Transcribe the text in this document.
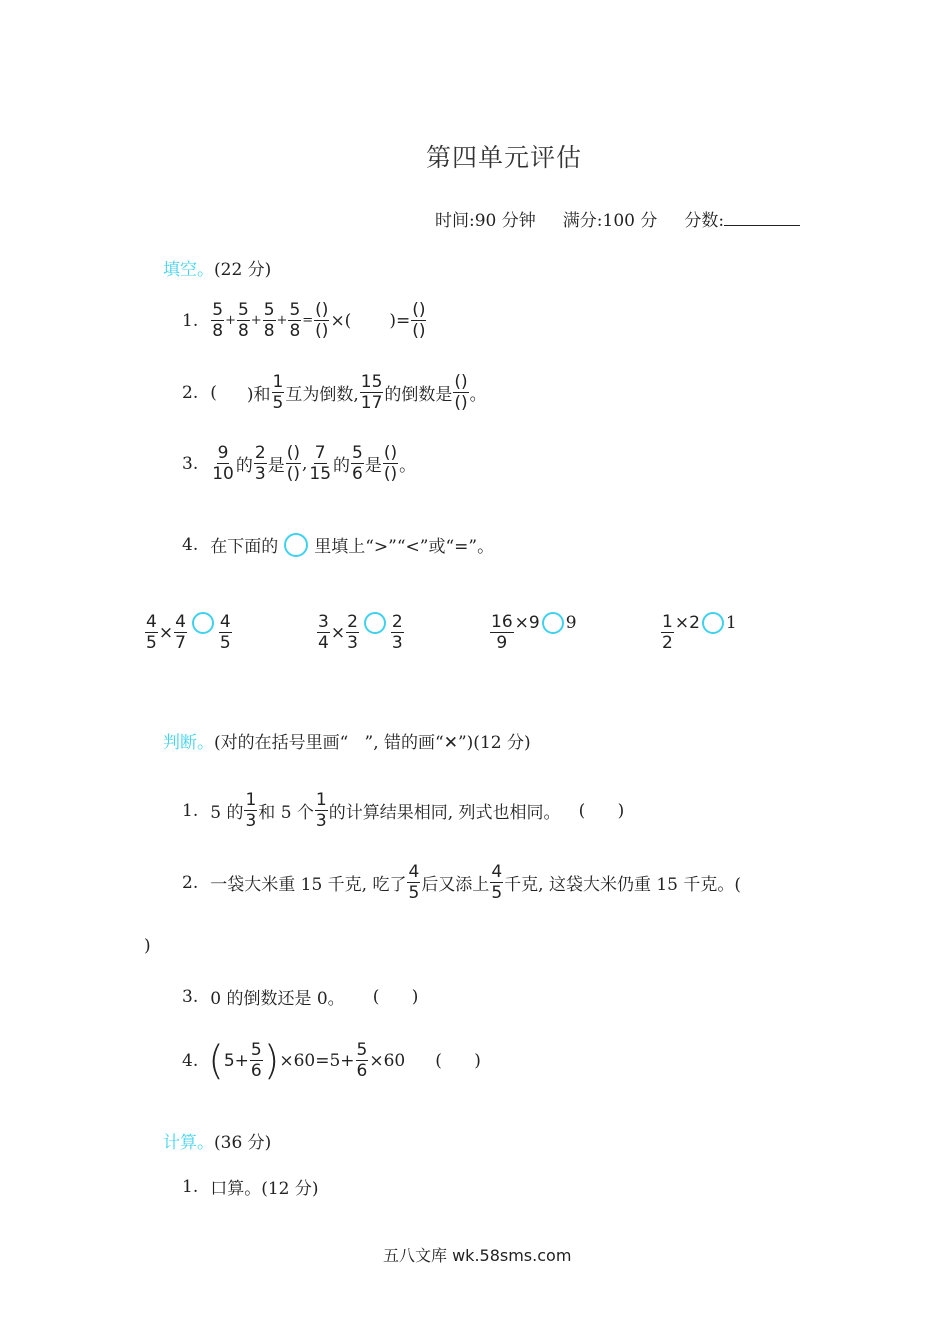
第四单元评估
时间:90 分钟 满分:100 分 分数:
填空。(22 分)
1. $\frac{5}{8} + \frac{5}{8} + \frac{5}{8} + \frac{5}{8} = \frac{()}{()}$ ×( )= $\frac{()}{()}$
2. ( )和 $\frac{1}{5}$ 互为倒数, $\frac{15}{17}$ 的倒数是 $\frac{()}{()}$ 。
3. $\frac{9}{10}$ 的 $\frac{2}{3}$ 是 $\frac{()}{()}$ , $\frac{7}{15}$ 的 $\frac{5}{6}$ 是 $\frac{()}{()}$ 。
4. 在下面的 里填上“>”“<”或“=”。
$\frac{4}{5} \times \frac{4}{7} \frac{4}{5}$	$\frac{3}{4} \times \frac{2}{3} \frac{2}{3}$	$\frac{16}{9} \times 9$ 9	$\frac{1}{2} \times 2$ 1
判断。(对的在括号里画“   ”, 错的画“✕”)(12 分)
1. 5 的 $\frac{1}{3}$ 和 5 个 $\frac{1}{3}$ 的计算结果相同, 列式也相同。 (      )
2. 一袋大米重 15 千克, 吃了 $\frac{4}{5}$ 后又添上 $\frac{4}{5}$ 千克, 这袋大米仍重 15 千克。(
)
3. 0 的倒数还是 0。 (      )
4. ( $5+ \frac{5}{6}$ ) $\times 60=5+ \frac{5}{6} \times 60$ (      )
计算。(36 分)
1. 口算。(12 分)
五八文库 wk.58sms.com
